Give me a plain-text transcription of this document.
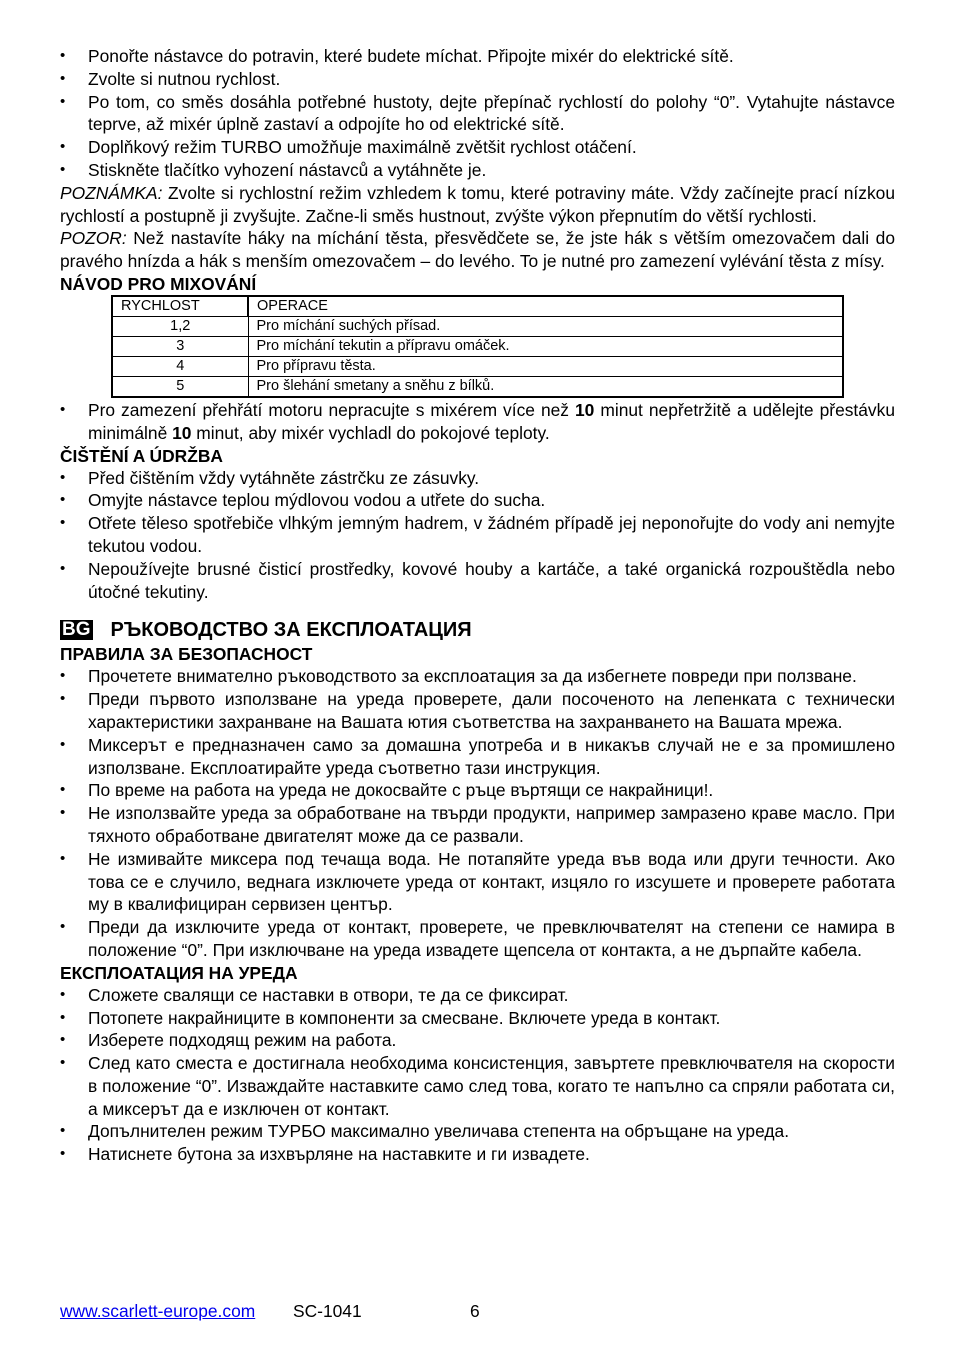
• Ponořte nástavce do potravin, které budete míchat. Připojte mixér do elektrické sítě.
• Zvolte si nutnou rychlost.
• Po tom, co směs dosáhla potřebné hustoty, dejte přepínač rychlostí do polohy “0”. Vytahujte nástavce teprve, až mixér úplně zastaví a odpojíte ho od elektrické sítě.
• Doplňkový režim TURBO umožňuje maximálně zvětšit rychlost otáčení.
• Stiskněte tlačítko vyhození nástavců a vytáhněte je.

POZNÁMKA: Zvolte si rychlostní režim vzhledem k tomu, které potraviny máte. Vždy začínejte prací nízkou rychlostí a postupně ji zvyšujte. Začne-li směs hustnout, zvýšte výkon přepnutím do větší rychlosti.

POZOR: Než nastavíte háky na míchání těsta, přesvědčete se, že jste hák s větším omezovačem dali do pravého hnízda a hák s menším omezovačem – do levého. To je nutné pro zamezení vylévání těsta z mísy.

NÁVOD PRO MIXOVÁNÍ
RYCHLOST	OPERACE
1,2	Pro míchání suchých přísad.
3	Pro míchání tekutin a přípravu omáček.
4	Pro přípravu těsta.
5	Pro šlehání smetany a sněhu z bílků.
• Pro zamezení přehřátí motoru nepracujte s mixérem více než 10 minut nepřetržitě a udělejte přestávku minimálně 10 minut, aby mixér vychladl do pokojové teploty.
ČIŠTĚNÍ A ÚDRŽBA
• Před čištěním vždy vytáhněte zástrčku ze zásuvky.
• Omyjte nástavce teplou mýdlovou vodou a utřete do sucha.
• Otřete těleso spotřebiče vlhkým jemným hadrem, v žádném případě jej neponořujte do vody ani nemyjte tekutou vodou.
• Nepoužívejte brusné čisticí prostředky, kovové houby a kartáče, a také organická rozpouštědla nebo útočné tekutiny.
BG РЪКОВОДСТВО ЗА ЕКСПЛОАТАЦИЯ
ПРАВИЛА ЗА БЕЗОПАСНОСТ
• Прочетете внимателно ръководството за експлоатация за да избегнете повреди при ползване.
• Преди първото използване на уреда проверете, дали посоченото на лепенката с технически характеристики захранване на Вашата ютия съответства на захранването на Вашата мрежа.
• Миксерът е предназначен само за домашна употреба и в никакъв случай не е за промишлено използване. Експлоатирайте уреда съответно тази инструкция.
• По време на работа на уреда не докосвайте с ръце въртящи се накрайници!.
• Не използвайте уреда за обработване на твърди продукти, например замразено краве масло. При тяхното обработване двигателят може да се развали.
• Не измивайте миксера под течаща вода. Не потапяйте уреда във вода или други течности. Ако това се е случило, веднага изключете уреда от контакт, изцяло го изсушете и проверете работата му в квалифициран сервизен център.
• Преди да изключите уреда от контакт, проверете, че превключвателят на степени се намира в положение “0”. При изключване на уреда извадете щепсела от контакта, а не дърпайте кабела.
ЕКСПЛОАТАЦИЯ НА УРЕДА
• Сложете свалящи се наставки в отвори, те да се фиксират.
• Потопете накрайниците в компоненти за смесване. Включете уреда в контакт.
• Изберете подходящ режим на работа.
• След като сместа е достигнала необходима консистенция, завъртете превключвателя на скорости в положение “0”. Изваждайте наставките само след това, когато те напълно са спряли работата си, а миксерът да е изключен от контакт.
• Допълнителен режим ТУРБО максимално увеличава степента на обръщане на уреда.
• Натиснете бутона за изхвърляне на наставките и ги извадете.
www.scarlett-europe.com SC-1041	6
